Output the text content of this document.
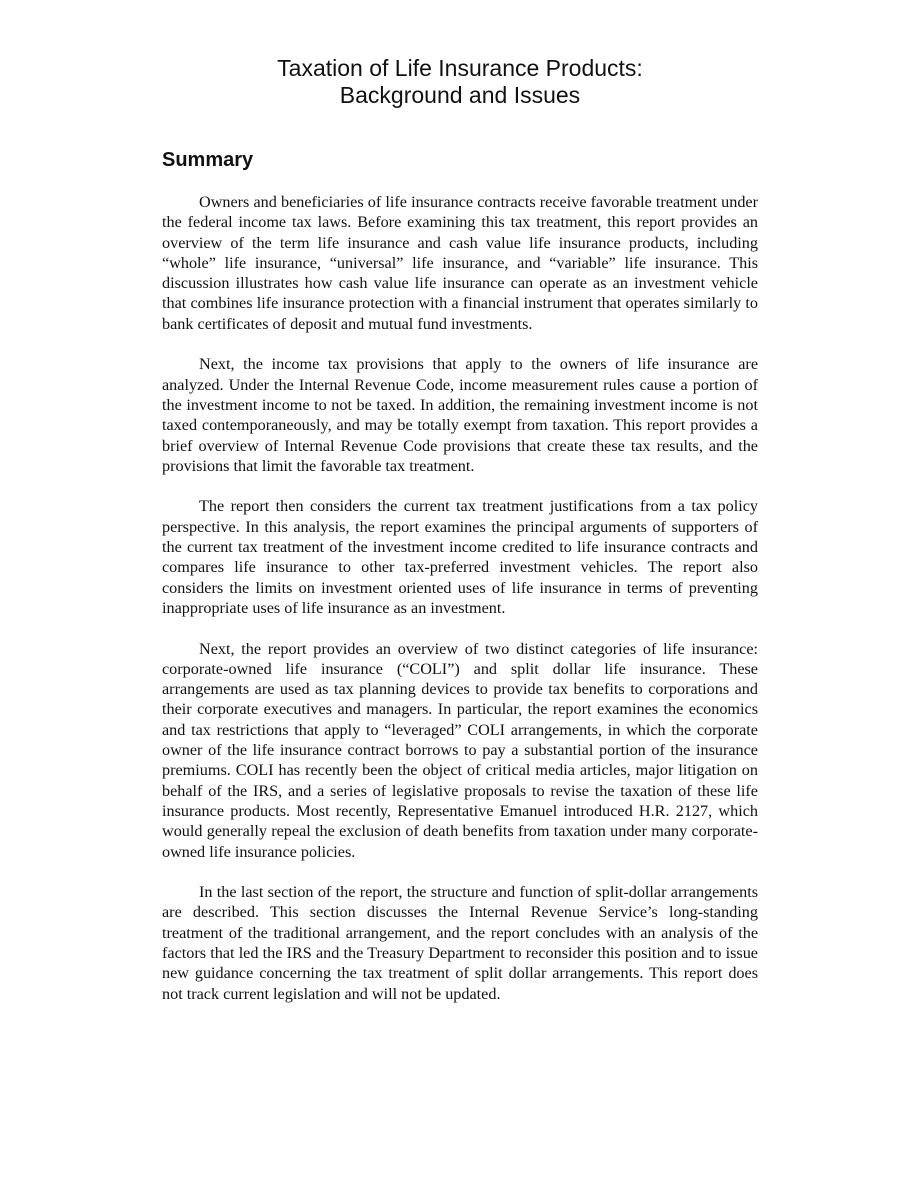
Taxation of Life Insurance Products:
Background and Issues
Summary

Owners and beneficiaries of life insurance contracts receive favorable treatment under the federal income tax laws. Before examining this tax treatment, this report provides an overview of the term life insurance and cash value life insurance products, including “whole” life insurance, “universal” life insurance, and “variable” life insurance. This discussion illustrates how cash value life insurance can operate as an investment vehicle that combines life insurance protection with a financial instrument that operates similarly to bank certificates of deposit and mutual fund investments.

Next, the income tax provisions that apply to the owners of life insurance are analyzed. Under the Internal Revenue Code, income measurement rules cause a portion of the investment income to not be taxed. In addition, the remaining investment income is not taxed contemporaneously, and may be totally exempt from taxation. This report provides a brief overview of Internal Revenue Code provisions that create these tax results, and the provisions that limit the favorable tax treatment.

The report then considers the current tax treatment justifications from a tax policy perspective. In this analysis, the report examines the principal arguments of supporters of the current tax treatment of the investment income credited to life insurance contracts and compares life insurance to other tax-preferred investment vehicles. The report also considers the limits on investment oriented uses of life insurance in terms of preventing inappropriate uses of life insurance as an investment.

Next, the report provides an overview of two distinct categories of life insurance: corporate-owned life insurance (“COLI”) and split dollar life insurance. These arrangements are used as tax planning devices to provide tax benefits to corporations and their corporate executives and managers. In particular, the report examines the economics and tax restrictions that apply to “leveraged” COLI arrangements, in which the corporate owner of the life insurance contract borrows to pay a substantial portion of the insurance premiums. COLI has recently been the object of critical media articles, major litigation on behalf of the IRS, and a series of legislative proposals to revise the taxation of these life insurance products. Most recently, Representative Emanuel introduced H.R. 2127, which would generally repeal the exclusion of death benefits from taxation under many corporate-owned life insurance policies.

In the last section of the report, the structure and function of split-dollar arrangements are described. This section discusses the Internal Revenue Service’s long-standing treatment of the traditional arrangement, and the report concludes with an analysis of the factors that led the IRS and the Treasury Department to reconsider this position and to issue new guidance concerning the tax treatment of split dollar arrangements. This report does not track current legislation and will not be updated.
